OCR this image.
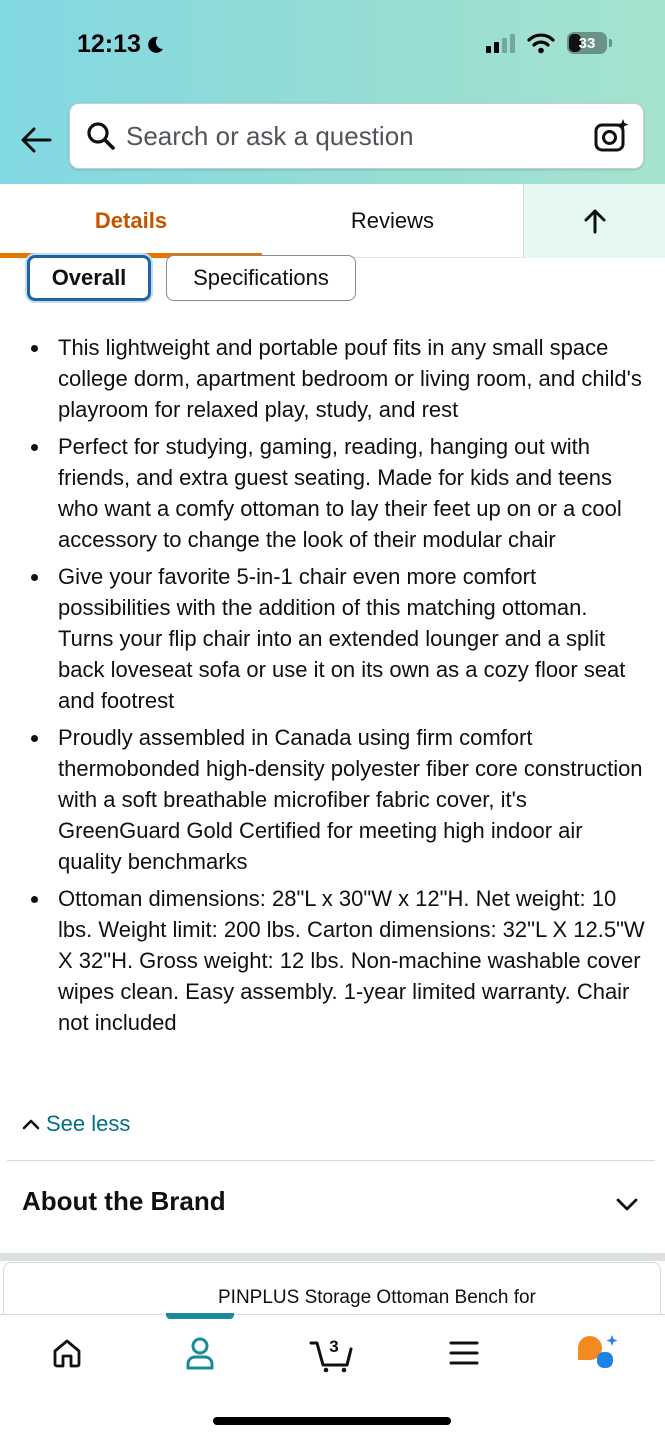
12:13	33
Search or ask a question
Details	Reviews
Overall	Specifications
This lightweight and portable pouf fits in any small space college dorm, apartment bedroom or living room, and child's playroom for relaxed play, study, and rest
Perfect for studying, gaming, reading, hanging out with friends, and extra guest seating. Made for kids and teens who want a comfy ottoman to lay their feet up on or a cool accessory to change the look of their modular chair
Give your favorite 5-in-1 chair even more comfort possibilities with the addition of this matching ottoman. Turns your flip chair into an extended lounger and a split back loveseat sofa or use it on its own as a cozy floor seat and footrest
Proudly assembled in Canada using firm comfort thermobonded high-density polyester fiber core construction with a soft breathable microfiber fabric cover, it's GreenGuard Gold Certified for meeting high indoor air quality benchmarks
Ottoman dimensions: 28"L x 30"W x 12"H. Net weight: 10 lbs. Weight limit: 200 lbs. Carton dimensions: 32"L X 12.5"W X 32"H. Gross weight: 12 lbs. Non-machine washable cover wipes clean. Easy assembly. 1-year limited warranty. Chair not included
See less
About the Brand
PINPLUS Storage Ottoman Bench for
3
